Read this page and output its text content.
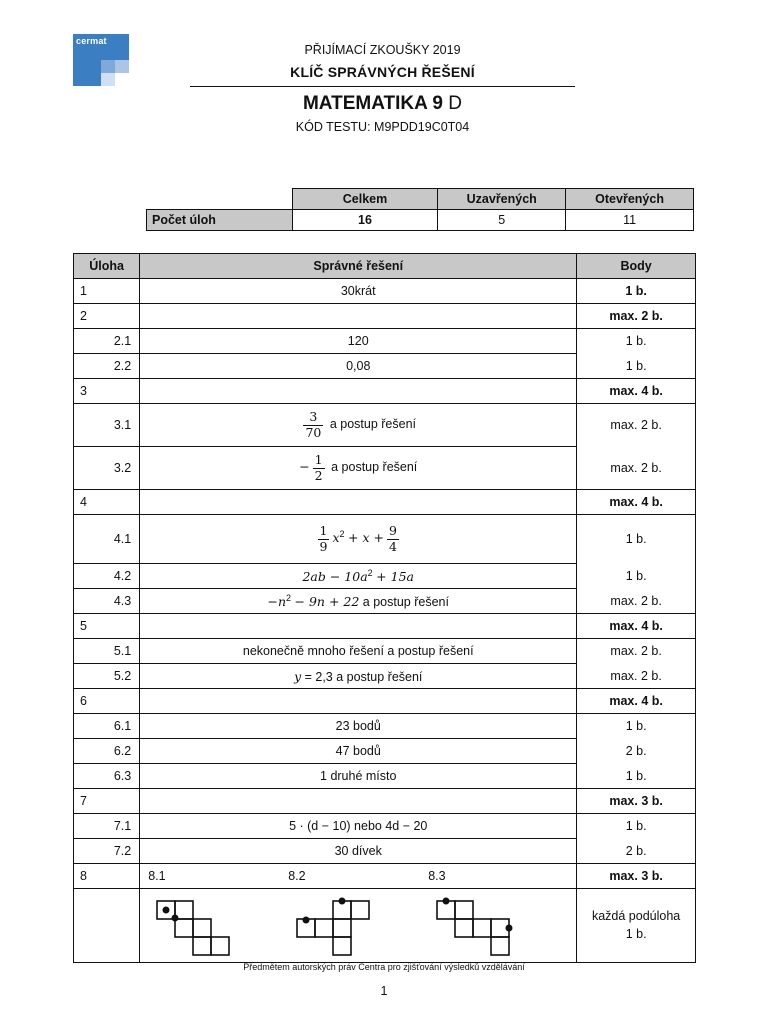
cermat
PŘIJÍMACÍ ZKOUŠKY 2019
KLÍČ SPRÁVNÝCH ŘEŠENÍ
MATEMATIKA 9 D
KÓD TESTU: M9PDD19C0T04
	Celkem	Uzavřených	Otevřených
Počet úloh	16	5	11
Úloha	Správné řešení	Body
1	30krát	1 b.
2		max. 2 b.
2.1	120	1 b.
2.2	0,08	1 b.
3		max. 4 b.
3.1	$\frac{3}{70}$ a postup řešení	max. 2 b.
3.2	− $\frac{1}{2}$ a postup řešení	max. 2 b.
4		max. 4 b.
4.1	$\frac{1}{9} x^2 + x + \frac{9}{4}$	1 b.
4.2	$2ab - 10a^2 + 15a$	1 b.
4.3	$-n^2 - 9n + 22$ a postup řešení	max. 2 b.
5		max. 4 b.
5.1	nekonečně mnoho řešení a postup řešení	max. 2 b.
5.2	y = 2,3 a postup řešení	max. 2 b.
6		max. 4 b.
6.1	23 bodů	1 b.
6.2	47 bodů	2 b.
6.3	1 druhé místo	1 b.
7		max. 3 b.
7.1	5 · (d − 10) nebo 4d − 20	1 b.
7.2	30 dívek	2 b.
8	8.1 8.2 8.3	max. 3 b.
		každá podúloha 1 b.
Předmětem autorských práv Centra pro zjišťování výsledků vzdělávání
1
